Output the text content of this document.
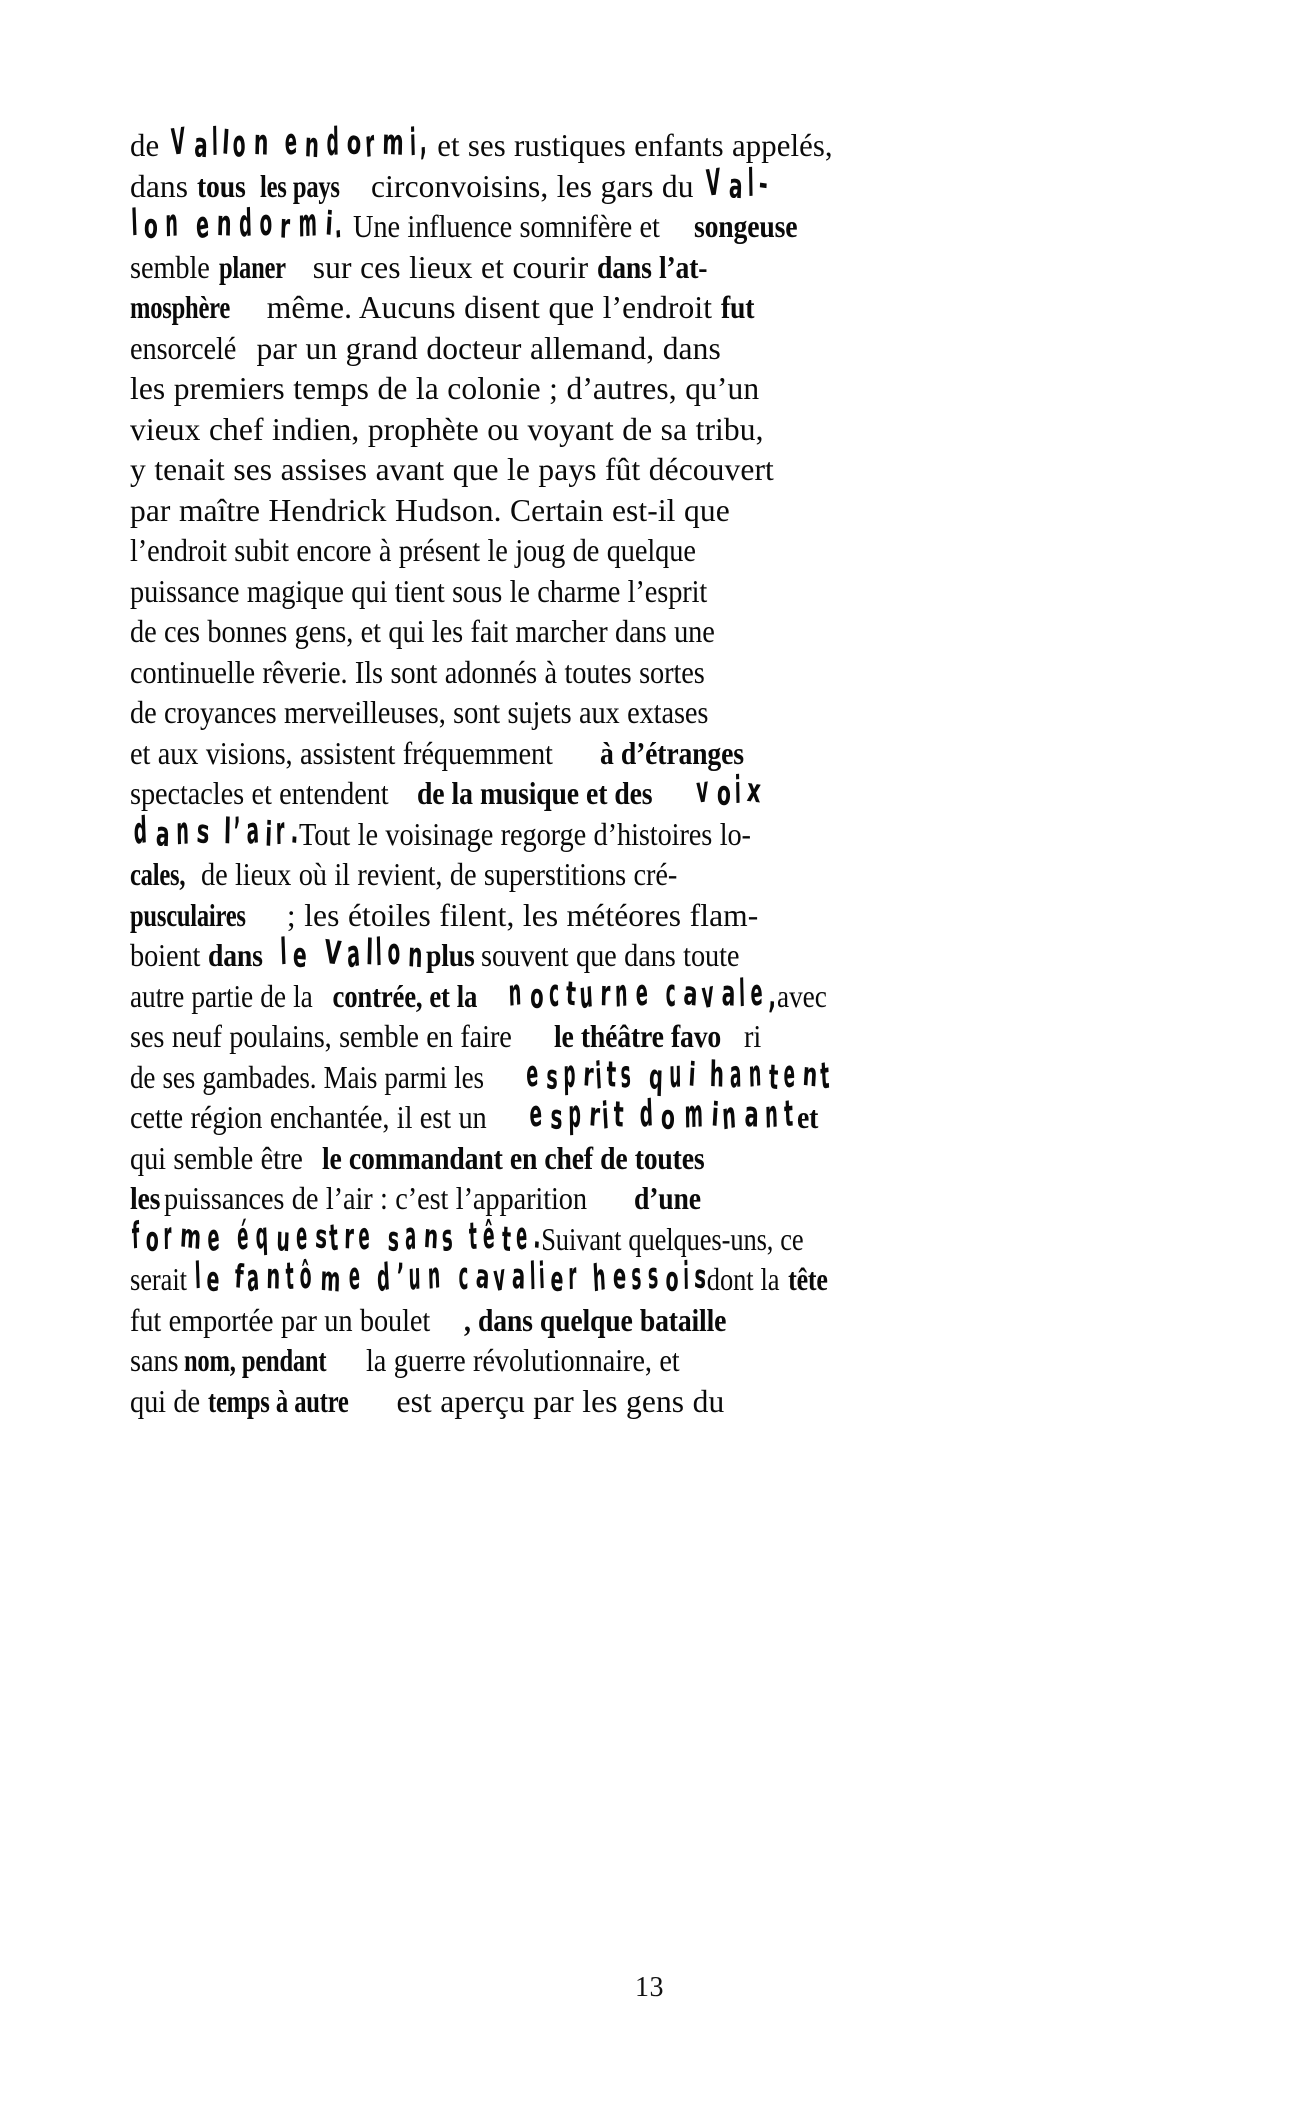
de V a l lo n   e n d or m i, et ses rustiques enfants appelés,

dans tous les pays circonvoisins, les gars du V a l -

l o n   e n d o r m i. Une influence somnifère etsongeuse

sembleplaner sur ces lieux et courir dans l’at-

mosphère même. Aucuns disent que l’endroit fut

ensorcelé par un grand docteur allemand, dans

les premiers temps de la colonie ; d’autres, qu’un

vieux chef indien, prophète ou voyant de sa tribu,

y tenait ses assises avant que le pays fût découvert

par maître Hendrick Hudson. Certain est-il que

l’endroit subit encore à présent le joug de quelque

puissance magique qui tient sous le charme l’esprit

de ces bonnes gens, et qui les fait marcher dans une

continuelle rêverie. Ils sont adonnés à toutes sortes

de croyances merveilleuses, sont sujets aux extases

et aux visions, assistent fréquemmentà d’étranges

spectacles et entendentde la musique et des v o i x

d a n s   l’ a i r .Tout le voisinage regorge d’histoires lo-

cales,de lieux où il revient, de superstitions cré-

pusculaires ; les étoiles filent, les météores flam-

boientdans l e   V a ll o nplussouvent que dans toute

autre partie de lacontrée, et la n o c tu r n e   c av a l e ,avec

ses neuf poulains, semble en fairele théâtre favo ri

de ses gambades. Mais parmi lese s p ri t s   q u i   h a n t e nt

cette région enchantée, il est une s p ri t   d o m in a n tet

qui semble êtrele commandant en chef de toutes

lespuissances de l’air : c’est l’apparitiond’une

f o r m e   é q u e st r e   s a ns   t ê t e .Suivant quelques-uns, ce

seraitl e   fa n t ô m e   d ’ u n   c av a li e r   h e s s o i sdont latête

fut emportée par un boulet , dans quelque bataille

sansnom, pendantla guerre révolutionnaire, et

qui detemps à autre est aperçu par les gens du

13
